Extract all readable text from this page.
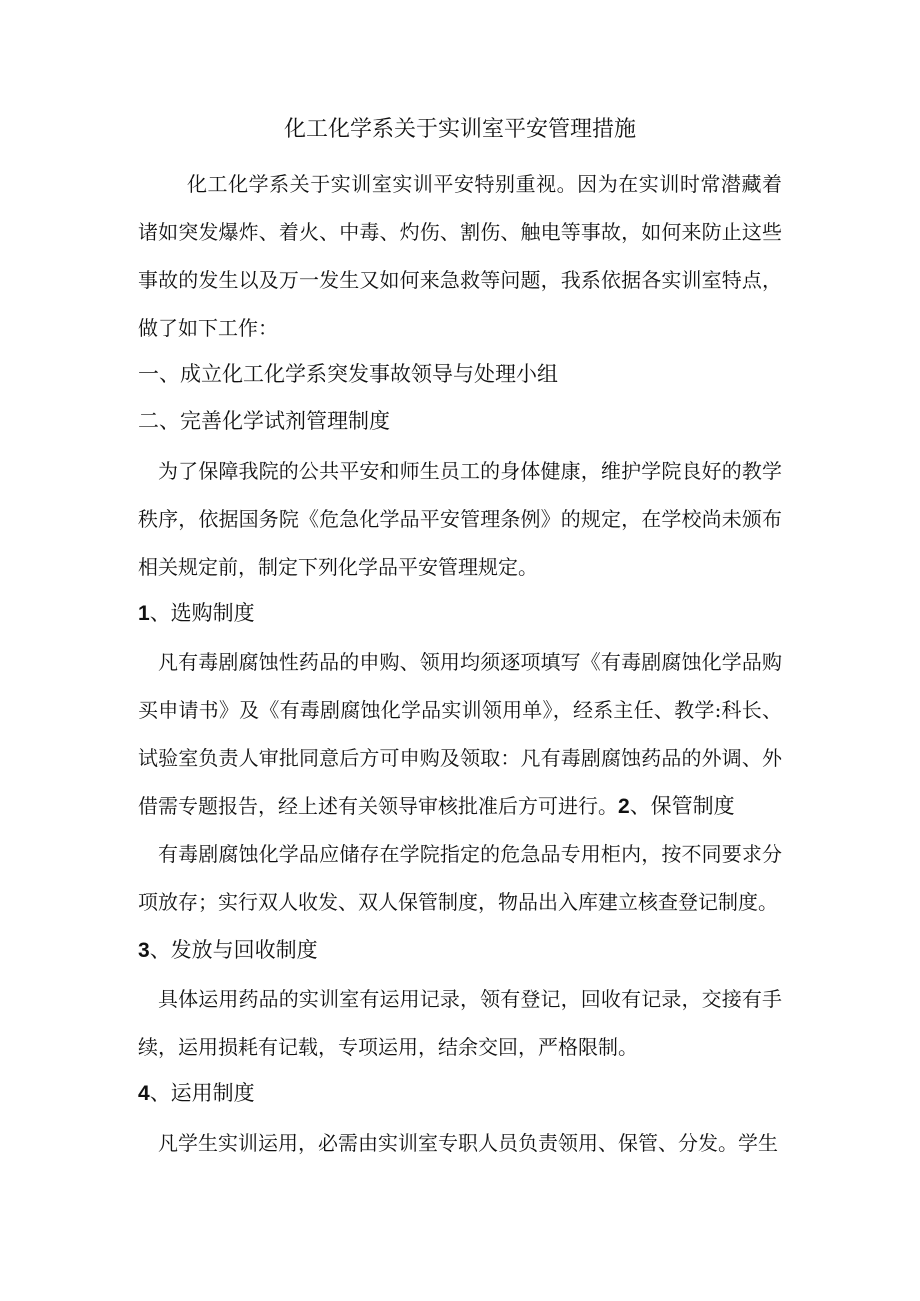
化工化学系关于实训室平安管理措施

化工化学系关于实训室实训平安特别重视。因为在实训时常潜藏着诸如突发爆炸、着火、中毒、灼伤、割伤、触电等事故，如何来防止这些事故的发生以及万一发生又如何来急救等问题，我系依据各实训室特点，做了如下工作：

一、成立化工化学系突发事故领导与处理小组
二、完善化学试剂管理制度

为了保障我院的公共平安和师生员工的身体健康，维护学院良好的教学秩序，依据国务院《危急化学品平安管理条例》的规定，在学校尚未颁布相关规定前，制定下列化学品平安管理规定。

1、选购制度

凡有毒剧腐蚀性药品的申购、领用均须逐项填写《有毒剧腐蚀化学品购买申请书》及《有毒剧腐蚀化学品实训领用单》，经系主任、教学:科长、试验室负责人审批同意后方可申购及领取：凡有毒剧腐蚀药品的外调、外借需专题报告，经上述有关领导审核批准后方可进行。2、保管制度

有毒剧腐蚀化学品应储存在学院指定的危急品专用柜内，按不同要求分项放存；实行双人收发、双人保管制度，物品出入库建立核查登记制度。

3、发放与回收制度

具体运用药品的实训室有运用记录，领有登记，回收有记录，交接有手续，运用损耗有记载，专项运用，结余交回，严格限制。

4、运用制度

凡学生实训运用，必需由实训室专职人员负责领用、保管、分发。学生
